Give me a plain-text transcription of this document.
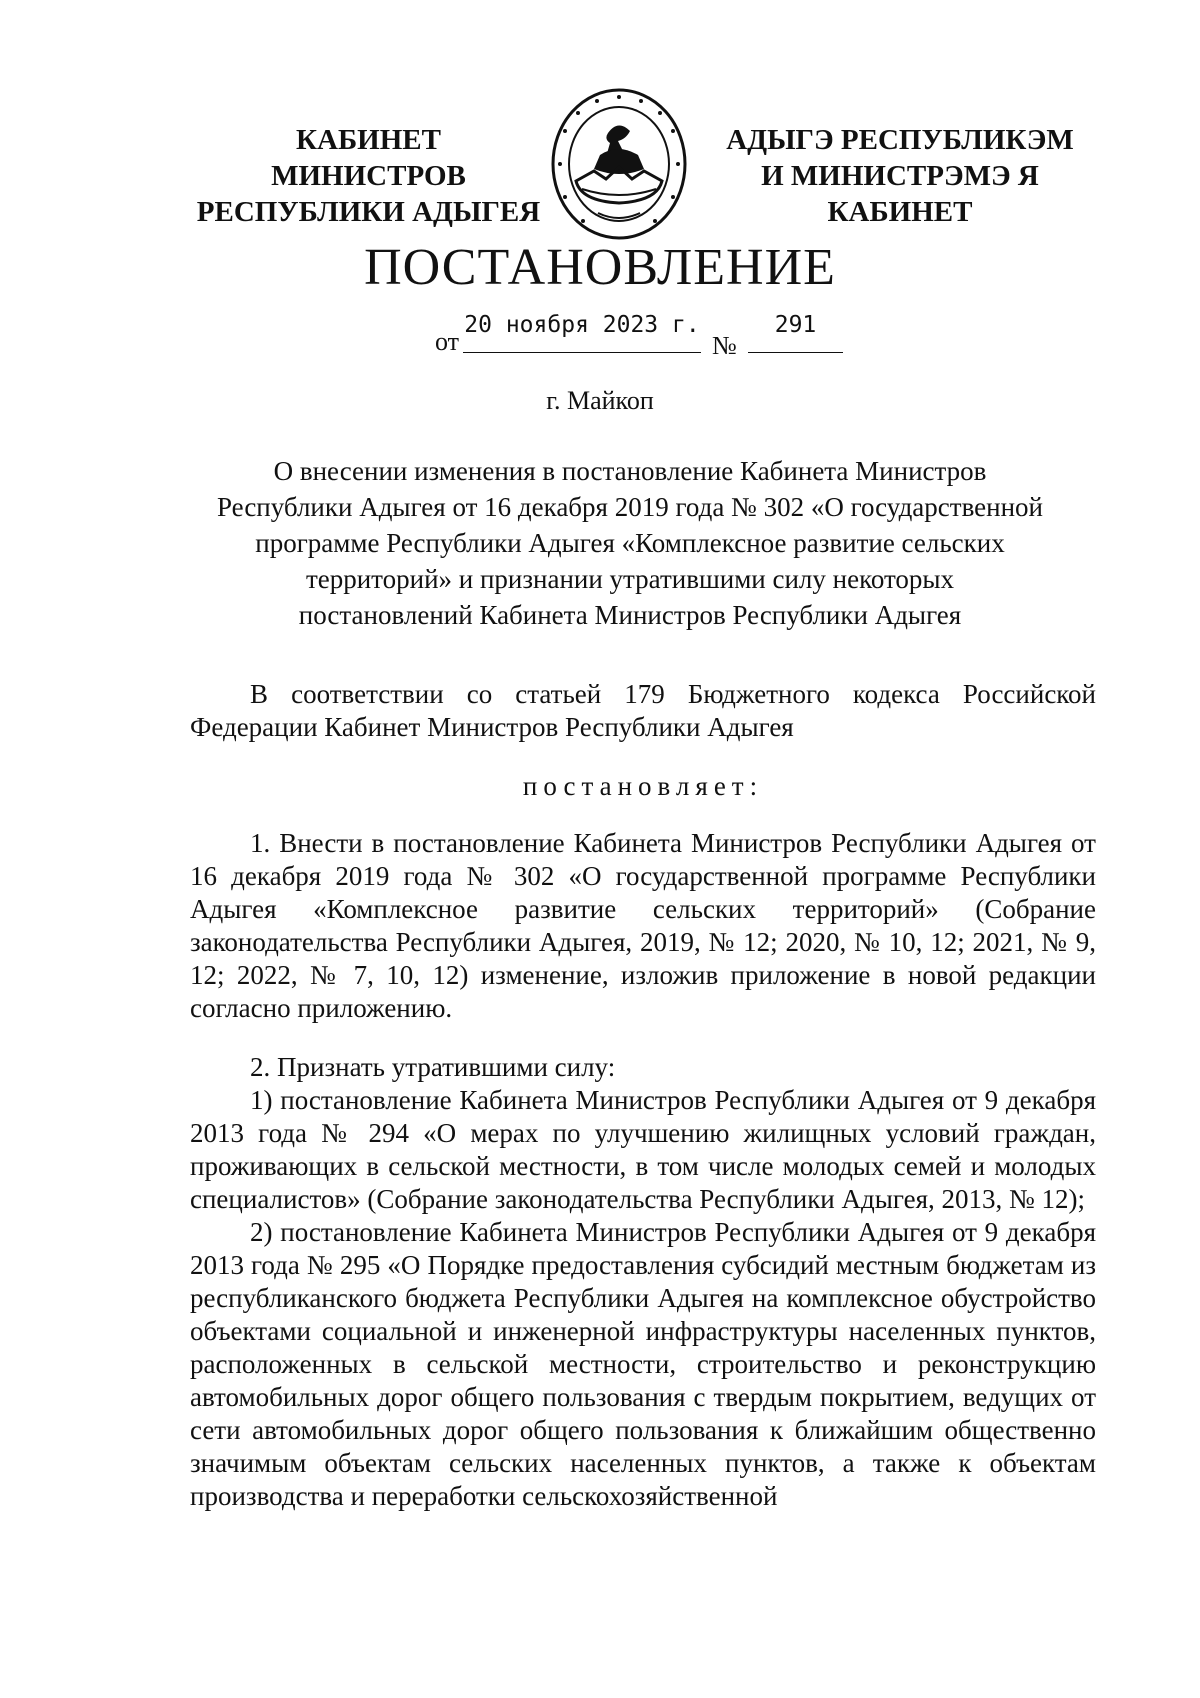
КАБИНЕТ МИНИСТРОВ
РЕСПУБЛИКИ АДЫГЕЯ
АДЫГЭ РЕСПУБЛИКЭМ
И МИНИСТРЭМЭ Я КАБИНЕТ
ПОСТАНОВЛЕНИЕ
от
20 ноября 2023 г.
№
291
г. Майкоп
О внесении изменения в постановление Кабинета Министров
Республики Адыгея от 16 декабря 2019 года № 302 «О государственной
программе Республики Адыгея «Комплексное развитие сельских
территорий» и признании утратившими силу некоторых
постановлений Кабинета Министров Республики Адыгея

В соответствии со статьей 179 Бюджетного кодекса Российской Федерации Кабинет Министров Республики Адыгея

постановляет:

1. Внести в постановление Кабинета Министров Республики Адыгея от 16 декабря 2019 года № 302 «О государственной программе Республики Адыгея «Комплексное развитие сельских территорий» (Собрание законодательства Республики Адыгея, 2019, № 12; 2020, № 10, 12; 2021, № 9, 12; 2022, № 7, 10, 12) изменение, изложив приложение в новой редакции согласно приложению.

2. Признать утратившими силу:

1) постановление Кабинета Министров Республики Адыгея от 9 декабря 2013 года № 294 «О мерах по улучшению жилищных условий граждан, проживающих в сельской местности, в том числе молодых семей и молодых специалистов» (Собрание законодательства Республики Адыгея, 2013, № 12);

2) постановление Кабинета Министров Республики Адыгея от 9 декабря 2013 года № 295 «О Порядке предоставления субсидий местным бюджетам из республиканского бюджета Республики Адыгея на комплексное обустройство объектами социальной и инженерной инфраструктуры населенных пунктов, расположенных в сельской местности, строительство и реконструкцию автомобильных дорог общего пользования с твердым покрытием, ведущих от сети автомобильных дорог общего пользования к ближайшим общественно значимым объектам сельских населенных пунктов, а также к объектам производства и переработки сельскохозяйственной
